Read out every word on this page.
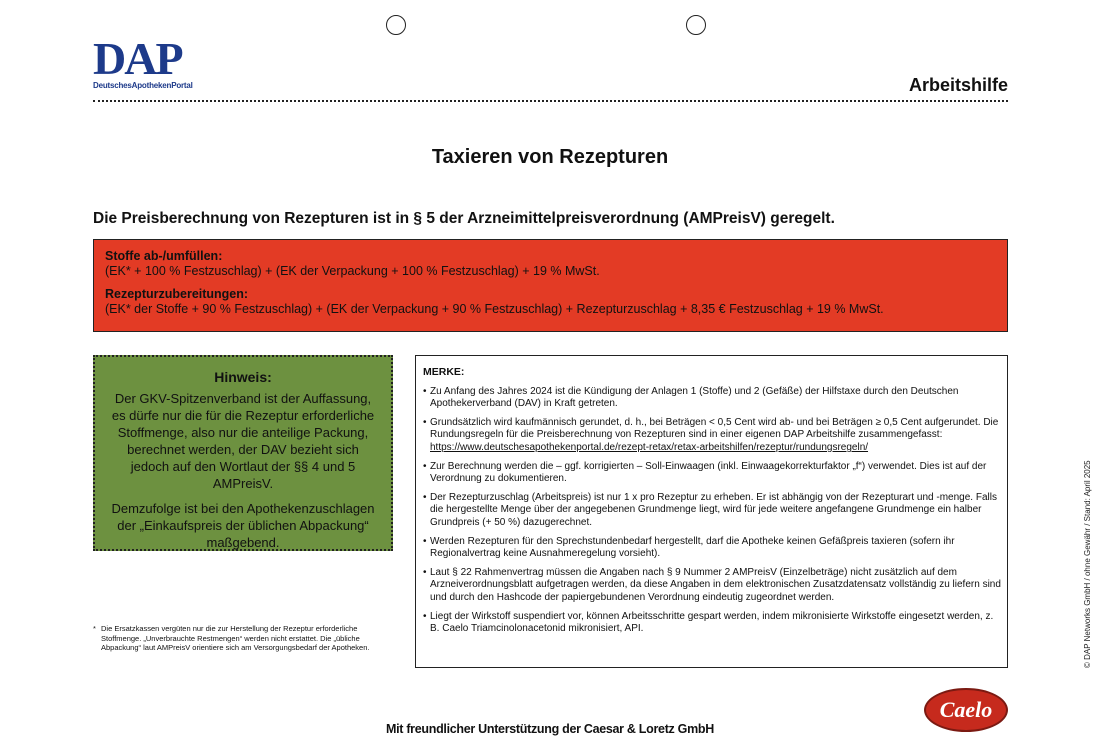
DAP
DeutschesApothekenPortal	Arbeitshilfe
Taxieren von Rezepturen
Die Preisberechnung von Rezepturen ist in § 5 der Arzneimittelpreisverordnung (AMPreisV) geregelt.
Stoffe ab-/umfüllen:
(EK* + 100 % Festzuschlag) + (EK der Verpackung + 100 % Festzuschlag) + 19 % MwSt.
Rezepturzubereitungen:
(EK* der Stoffe + 90 % Festzuschlag) + (EK der Verpackung + 90 % Festzuschlag) + Rezepturzuschlag + 8,35 € Festzuschlag + 19 % MwSt.
Hinweis:
Der GKV-Spitzenverband ist der Auffassung, es dürfe nur die für die Rezeptur erforderliche Stoffmenge, also nur die anteilige Packung, berechnet werden, der DAV bezieht sich jedoch auf den Wortlaut der §§ 4 und 5 AMPreisV.
Demzufolge ist bei den Apothekenzuschlagen der „Einkaufspreis der üblichen Abpackung“ maßgebend.
* Die Ersatzkassen vergüten nur die zur Herstellung der Rezeptur erforderliche Stoffmenge. „Unverbrauchte Restmengen“ werden nicht erstattet. Die „übliche Abpackung“ laut AMPreisV orientiere sich am Versorgungsbedarf der Apotheken.
MERKE:
• Zu Anfang des Jahres 2024 ist die Kündigung der Anlagen 1 (Stoffe) und 2 (Gefäße) der Hilfstaxe durch den Deutschen Apothekerverband (DAV) in Kraft getreten.
• Grundsätzlich wird kaufmännisch gerundet, d. h., bei Beträgen < 0,5 Cent wird ab- und bei Beträgen ≥ 0,5 Cent aufgerundet. Die Rundungsregeln für die Preisberechnung von Rezepturen sind in einer eigenen DAP Arbeitshilfe zusammengefasst:
https://www.deutschesapothekenportal.de/rezept-retax/retax-arbeitshilfen/rezeptur/rundungsregeln/
• Zur Berechnung werden die – ggf. korrigierten – Soll-Einwaagen (inkl. Einwaagekorrekturfaktor „f“) verwendet. Dies ist auf der Verordnung zu dokumentieren.
• Der Rezepturzuschlag (Arbeitspreis) ist nur 1 x pro Rezeptur zu erheben. Er ist abhängig von der Rezepturart und -menge. Falls die hergestellte Menge über der angegebenen Grundmenge liegt, wird für jede weitere angefangene Grundmenge ein halber Grundpreis (+ 50 %) dazugerechnet.
• Werden Rezepturen für den Sprechstundenbedarf hergestellt, darf die Apotheke keinen Gefäßpreis taxieren (sofern ihr Regionalvertrag keine Ausnahmeregelung vorsieht).
• Laut § 22 Rahmenvertrag müssen die Angaben nach § 9 Nummer 2 AMPreisV (Einzelbeträge) nicht zusätzlich auf dem Arzneiverordnungsblatt aufgetragen werden, da diese Angaben in dem elektronischen Zusatzdatensatz vollständig zu liefern sind und durch den Hashcode der papiergebundenen Verordnung eindeutig zugeordnet werden.
• Liegt der Wirkstoff suspendiert vor, können Arbeitsschritte gespart werden, indem mikronisierte Wirkstoffe eingesetzt werden, z. B. Caelo Triamcinolonacetonid mikronisiert, API.	© DAP Networks GmbH / ohne Gewähr / Stand: April 2025
Mit freundlicher Unterstützung der Caesar & Loretz GmbH
Caelo
